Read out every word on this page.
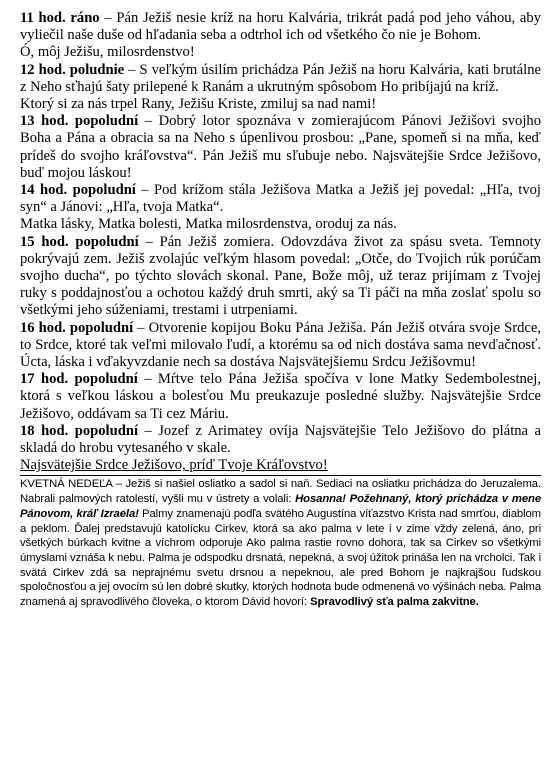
11 hod. ráno – Pán Ježiš nesie kríž na horu Kalvária, trikrát padá pod jeho váhou, aby vyliečil naše duše od hľadania seba a odtrhol ich od všetkého čo nie je Bohom.

Ó, môj Ježišu, milosrdenstvo!

12 hod. poludnie – S veľkým úsilím prichádza Pán Ježiš na horu Kalvária, kati brutálne z Neho sťhajú šaty prilepené k Ranám a ukrutným spôsobom Ho pribíjajú na kríž.

Ktorý si za nás trpel Rany, Ježišu Kriste, zmiluj sa nad nami!

13 hod. popoludní – Dobrý lotor spoznáva v zomierajúcom Pánovi Ježišovi svojho Boha a Pána a obracia sa na Neho s úpenlivou prosbou: „Pane, spomeň si na mňa, keď prídeš do svojho kráľovstva“. Pán Ježiš mu sľubuje nebo. Najsvätejšie Srdce Ježišovo, buď mojou láskou!

14 hod. popoludní – Pod krížom stála Ježišova Matka a Ježiš jej povedal: „Hľa, tvoj syn“ a Jánovi: „Hľa, tvoja Matka“.

Matka lásky, Matka bolesti, Matka milosrdenstva, oroduj za nás.

15 hod. popoludní – Pán Ježiš zomiera. Odovzdáva život za spásu sveta. Temnoty pokrývajú zem. Ježiš zvolajúc veľkým hlasom povedal: „Otče, do Tvojich rúk porúčam svojho ducha“, po týchto slovách skonal. Pane, Bože môj, už teraz prijímam z Tvojej ruky s poddajnosťou a ochotou každý druh smrti, aký sa Ti páči na mňa zoslať spolu so všetkými jeho súženiami, trestami i utrpeniami.

16 hod. popoludní – Otvorenie kopijou Boku Pána Ježiša. Pán Ježiš otvára svoje Srdce, to Srdce, ktoré tak veľmi milovalo ľudí, a ktorému sa od nich dostáva sama nevďačnosť. Úcta, láska i vďakyvzdanie nech sa dostáva Najsvätejšiemu Srdcu Ježišovmu!

17 hod. popoludní – Mŕtve telo Pána Ježiša spočíva v lone Matky Sedembolestnej, ktorá s veľkou láskou a bolesťou Mu preukazuje posledné služby. Najsvätejšie Srdce Ježišovo, oddávam sa Ti cez Máriu.

18 hod. popoludní – Jozef z Arimatey ovíja Najsvätejšie Telo Ježišovo do plátna a skladá do hrobu vytesaného v skale.

Najsvätejšie Srdce Ježišovo, príď Tvoje Kráľovstvo!

KVETNÁ NEDEĽA – Ježiš si našiel osliatko a sadol si naň. Sediaci na osliatku prichádza do Jeruzalema. Nabrali palmových ratolestí, vyšli mu v ústrety a volali: Hosanna! Požehnaný, ktorý prichádza v mene Pánovom, kráľ Izraela! Palmy znamenajú podľa svätého Augustína víťazstvo Krista nad smrťou, diablom a peklom. Ďalej predstavujú katolícku Cirkev, ktorá sa ako palma v lete i v zime vždy zelená, áno, pri všetkých búrkach kvitne a víchrom odporuje Ako palma rastie rovno dohora, tak sa Cirkev so všetkými úmyslami vznáša k nebu. Palma je odspodku drsnatá, nepekná, a svoj úžitok prináša len na vrcholci. Tak i svätá Cirkev zdá sa neprajnému svetu drsnou a nepeknou, ale pred Bohom je najkrajšou ľudskou spoločnosťou a jej ovocím sú len dobré skutky, ktorých hodnota bude odmenená vo výšinách neba. Palma znamená aj spravodlivého človeka, o ktorom Dávid hovorí: Spravodlivý sťa palma zakvitne.
